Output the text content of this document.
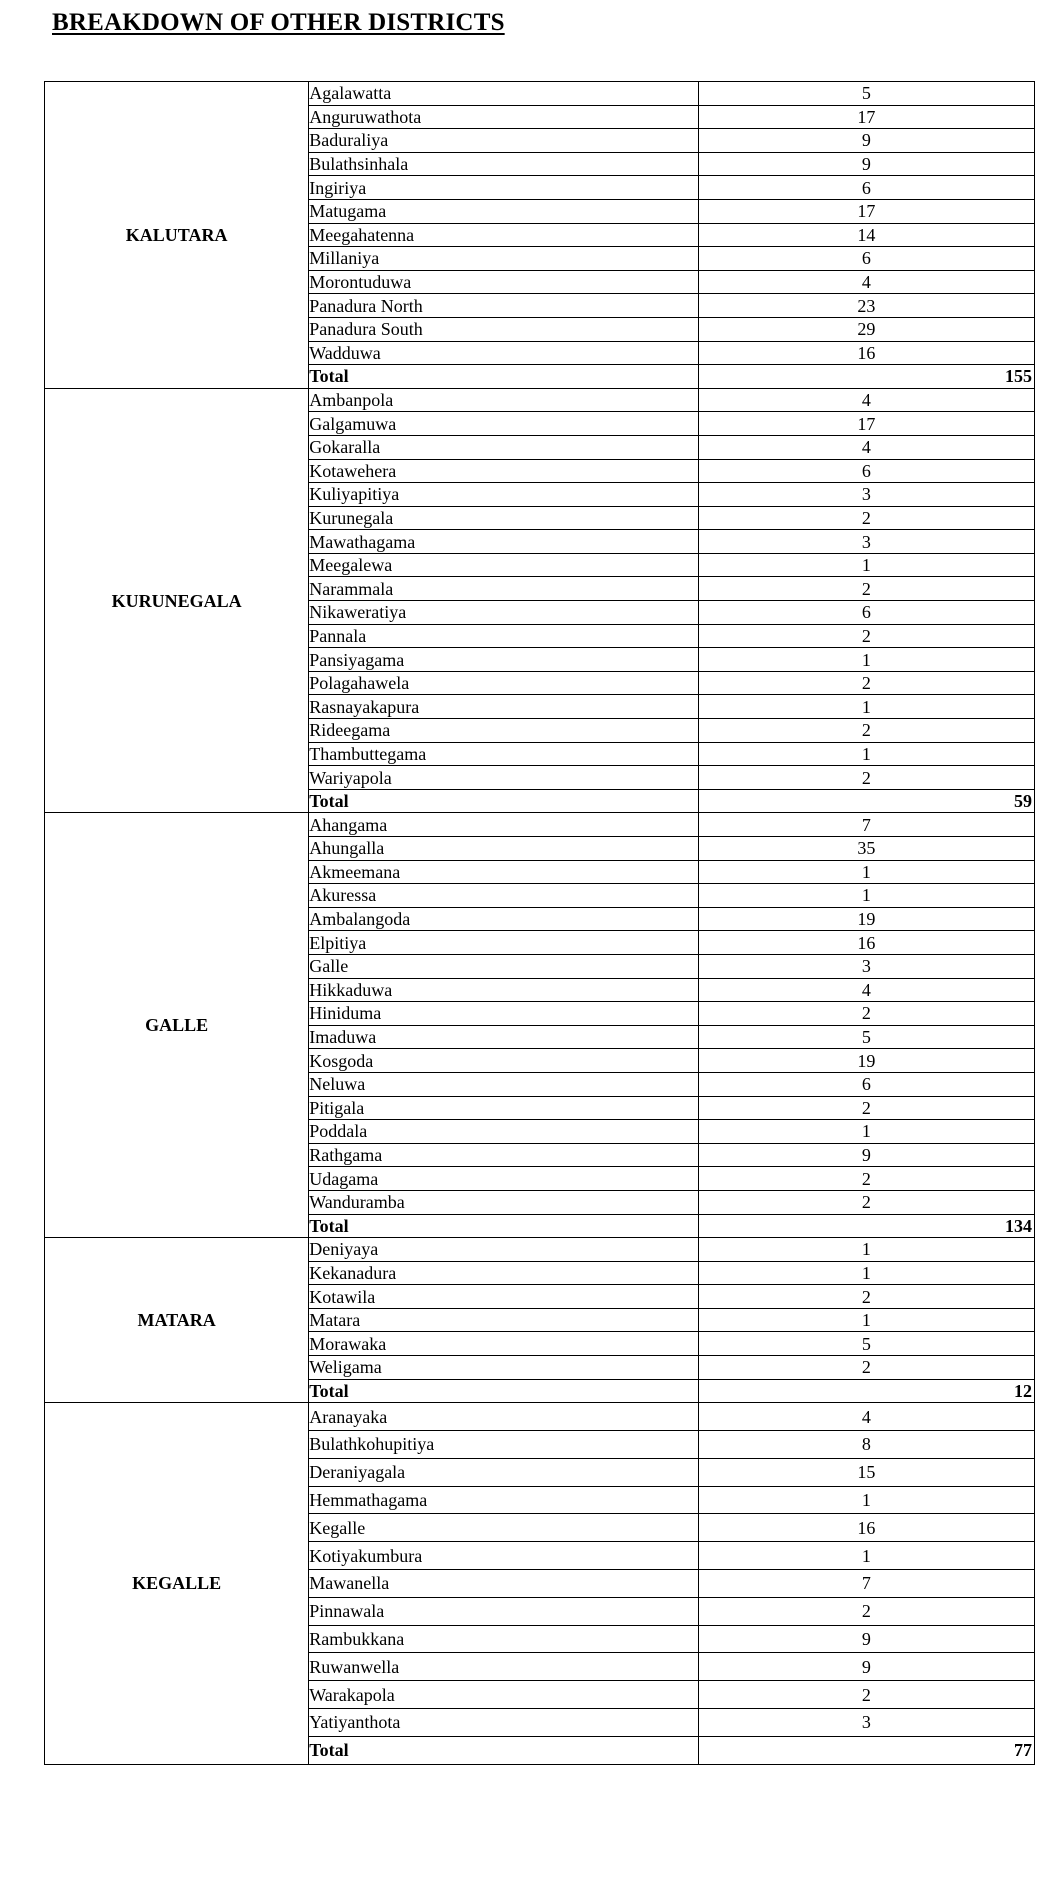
BREAKDOWN OF OTHER DISTRICTS
KALUTARA	Agalawatta	5
	Anguruwathota	17
	Baduraliya	9
	Bulathsinhala	9
	Ingiriya	6
	Matugama	17
	Meegahatenna	14
	Millaniya	6
	Morontuduwa	4
	Panadura North	23
	Panadura South	29
	Wadduwa	16
	Total	155
KURUNEGALA	Ambanpola	4
	Galgamuwa	17
	Gokaralla	4
	Kotawehera	6
	Kuliyapitiya	3
	Kurunegala	2
	Mawathagama	3
	Meegalewa	1
	Narammala	2
	Nikaweratiya	6
	Pannala	2
	Pansiyagama	1
	Polagahawela	2
	Rasnayakapura	1
	Rideegama	2
	Thambuttegama	1
	Wariyapola	2
	Total	59
GALLE	Ahangama	7
	Ahungalla	35
	Akmeemana	1
	Akuressa	1
	Ambalangoda	19
	Elpitiya	16
	Galle	3
	Hikkaduwa	4
	Hiniduma	2
	Imaduwa	5
	Kosgoda	19
	Neluwa	6
	Pitigala	2
	Poddala	1
	Rathgama	9
	Udagama	2
	Wanduramba	2
	Total	134
MATARA	Deniyaya	1
	Kekanadura	1
	Kotawila	2
	Matara	1
	Morawaka	5
	Weligama	2
	Total	12
KEGALLE	Aranayaka	4
	Bulathkohupitiya	8
	Deraniyagala	15
	Hemmathagama	1
	Kegalle	16
	Kotiyakumbura	1
	Mawanella	7
	Pinnawala	2
	Rambukkana	9
	Ruwanwella	9
	Warakapola	2
	Yatiyanthota	3
	Total	77
